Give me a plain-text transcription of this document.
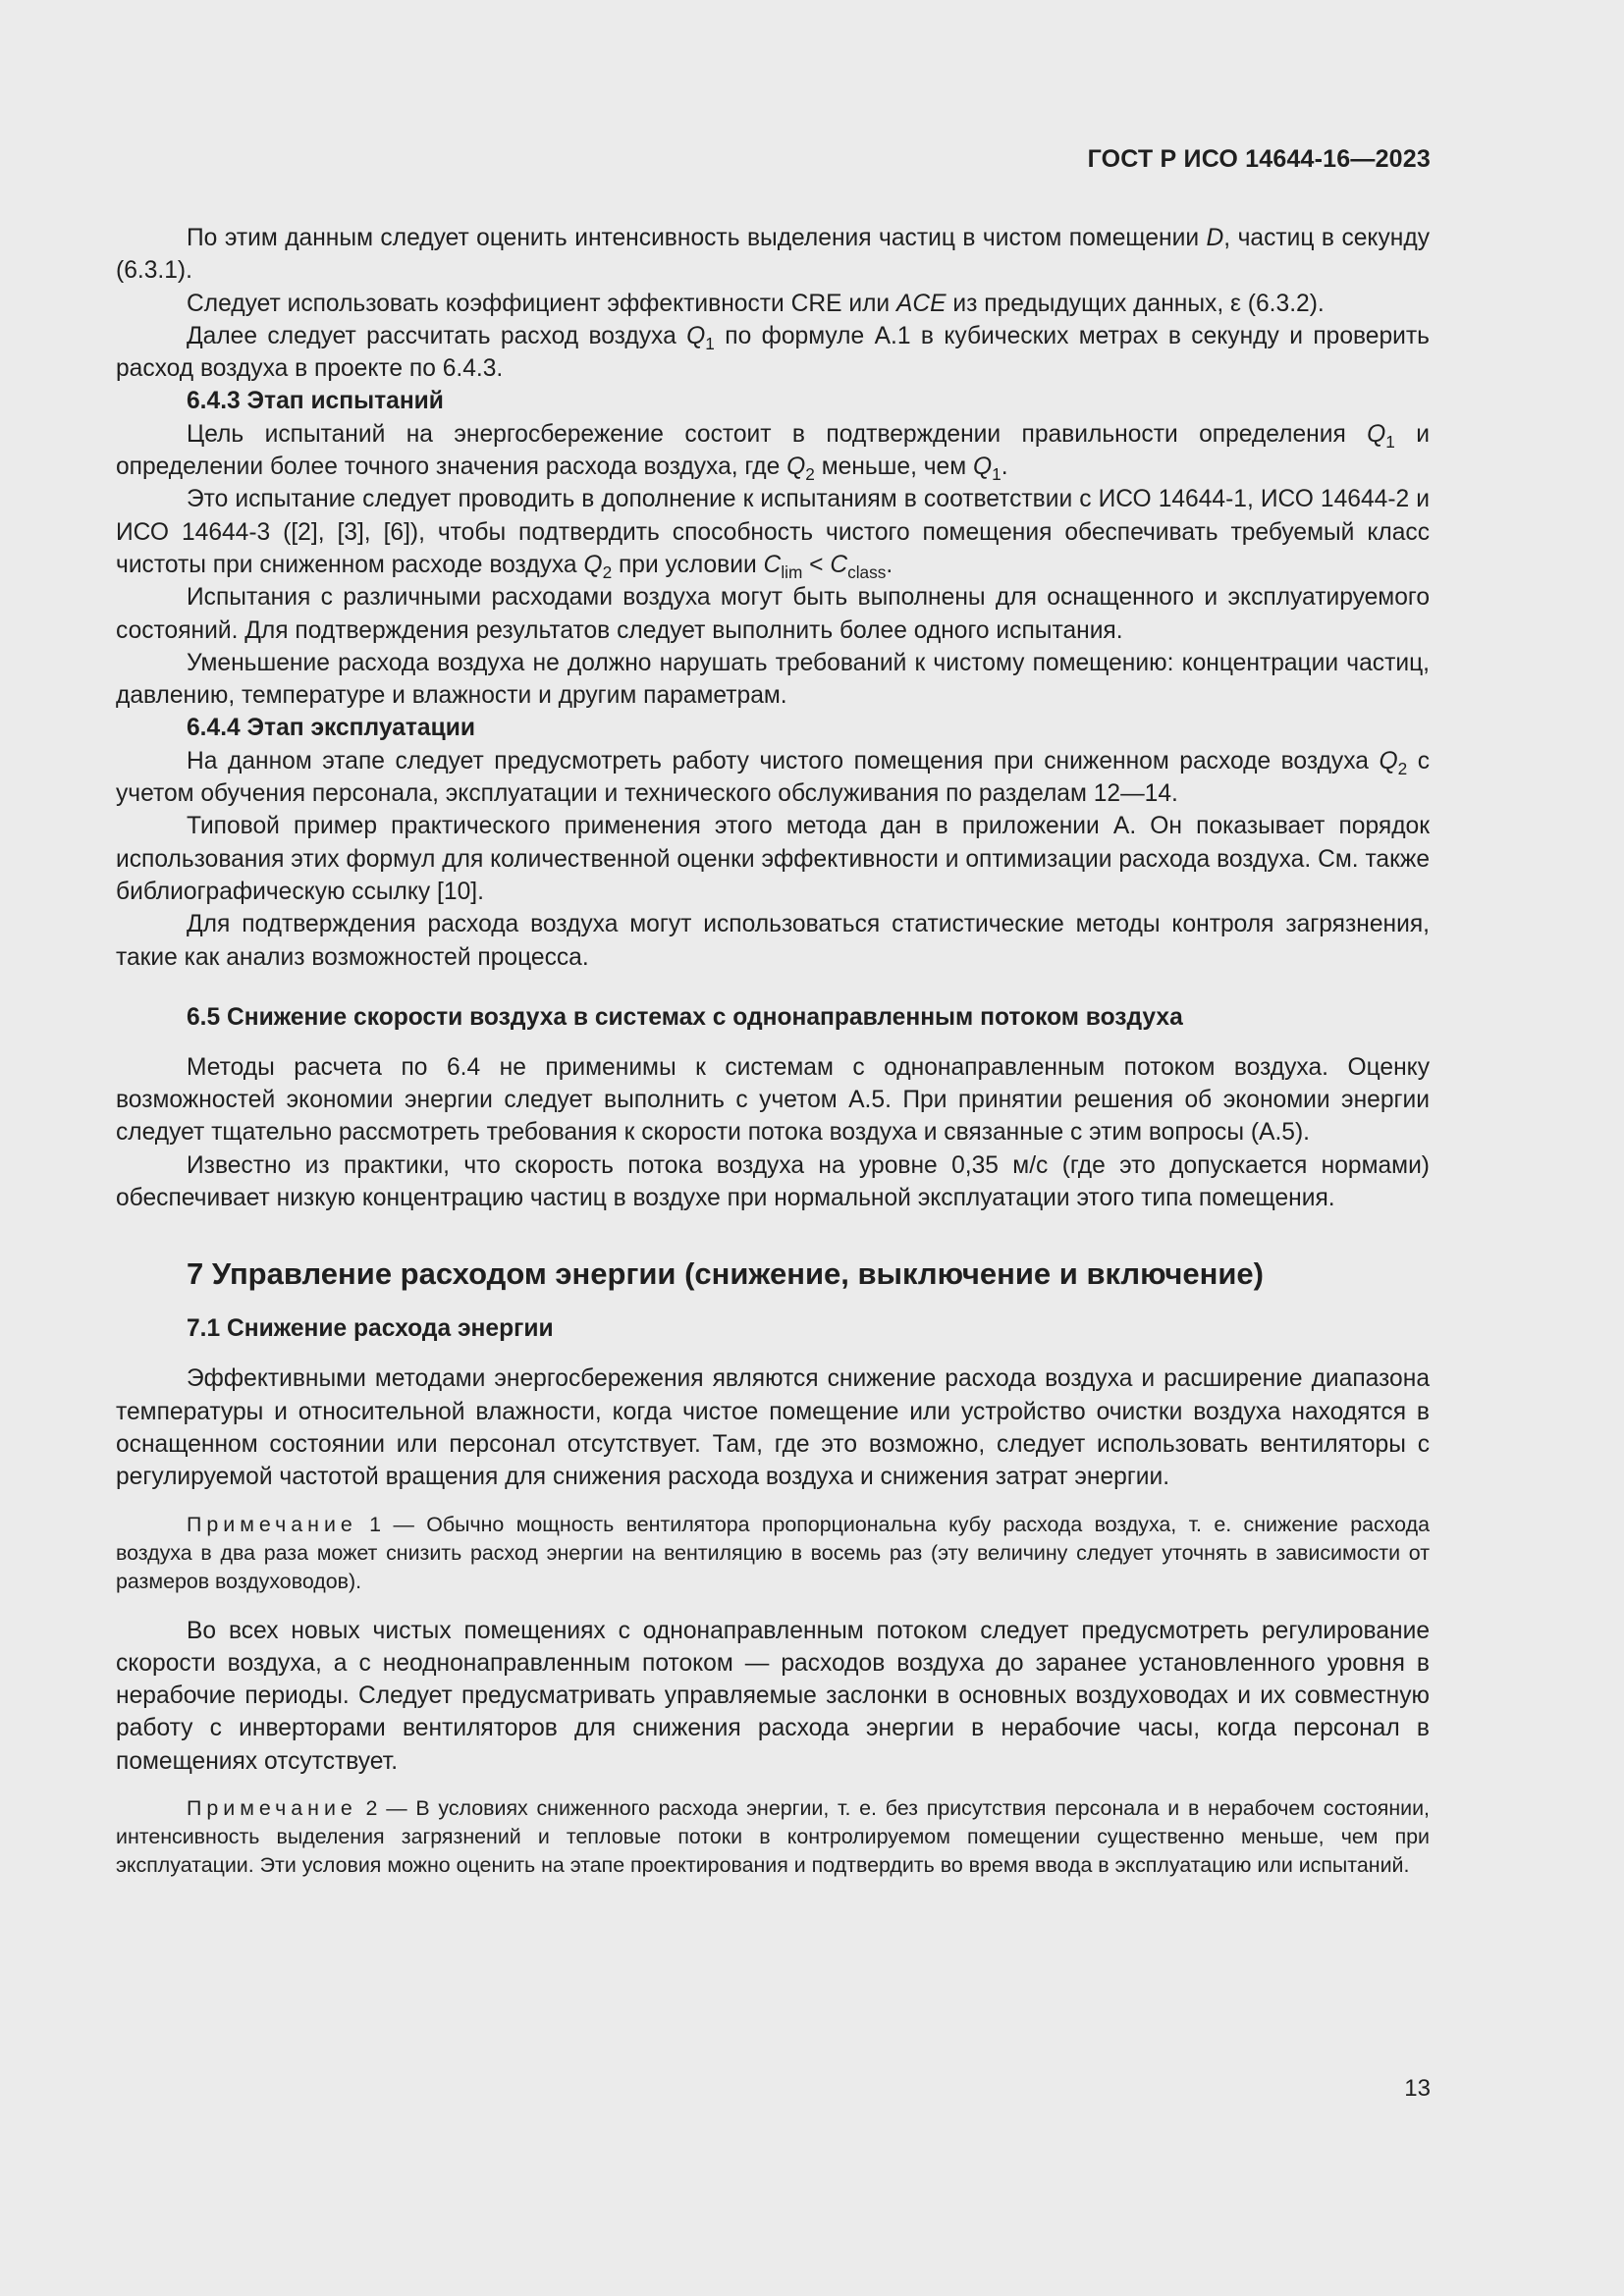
ГОСТ Р ИСО 14644-16—2023

По этим данным следует оценить интенсивность выделения частиц в чистом помещении D, частиц в секунду (6.3.1).

Следует использовать коэффициент эффективности CRE или ACE из предыдущих данных, ε (6.3.2).

Далее следует рассчитать расход воздуха $Q_1$ по формуле А.1 в кубических метрах в секунду и проверить расход воздуха в проекте по 6.4.3.

6.4.3 Этап испытаний

Цель испытаний на энергосбережение состоит в подтверждении правильности определения $Q_1$ и определении более точного значения расхода воздуха, где $Q_2$ меньше, чем $Q_1$.

Это испытание следует проводить в дополнение к испытаниям в соответствии с ИСО 14644-1, ИСО 14644-2 и ИСО 14644-3 ([2], [3], [6]), чтобы подтвердить способность чистого помещения обеспечивать требуемый класс чистоты при сниженном расходе воздуха $Q_2$ при условии $C_{lim} < C_{class}$.

Испытания с различными расходами воздуха могут быть выполнены для оснащенного и эксплуатируемого состояний. Для подтверждения результатов следует выполнить более одного испытания.

Уменьшение расхода воздуха не должно нарушать требований к чистому помещению: концентрации частиц, давлению, температуре и влажности и другим параметрам.

6.4.4 Этап эксплуатации

На данном этапе следует предусмотреть работу чистого помещения при сниженном расходе воздуха $Q_2$ с учетом обучения персонала, эксплуатации и технического обслуживания по разделам 12—14.

Типовой пример практического применения этого метода дан в приложении А. Он показывает порядок использования этих формул для количественной оценки эффективности и оптимизации расхода воздуха. См. также библиографическую ссылку [10].

Для подтверждения расхода воздуха могут использоваться статистические методы контроля загрязнения, такие как анализ возможностей процесса.

6.5 Снижение скорости воздуха в системах с однонаправленным потоком воздуха

Методы расчета по 6.4 не применимы к системам с однонаправленным потоком воздуха. Оценку возможностей экономии энергии следует выполнить с учетом А.5. При принятии решения об экономии энергии следует тщательно рассмотреть требования к скорости потока воздуха и связанные с этим вопросы (А.5).

Известно из практики, что скорость потока воздуха на уровне 0,35 м/с (где это допускается нормами) обеспечивает низкую концентрацию частиц в воздухе при нормальной эксплуатации этого типа помещения.

7 Управление расходом энергии (снижение, выключение и включение)
7.1 Снижение расхода энергии

Эффективными методами энергосбережения являются снижение расхода воздуха и расширение диапазона температуры и относительной влажности, когда чистое помещение или устройство очистки воздуха находятся в оснащенном состоянии или персонал отсутствует. Там, где это возможно, следует использовать вентиляторы с регулируемой частотой вращения для снижения расхода воздуха и снижения затрат энергии.

Примечание 1 — Обычно мощность вентилятора пропорциональна кубу расхода воздуха, т. е. снижение расхода воздуха в два раза может снизить расход энергии на вентиляцию в восемь раз (эту величину следует уточнять в зависимости от размеров воздуховодов).

Во всех новых чистых помещениях с однонаправленным потоком следует предусмотреть регулирование скорости воздуха, а с неоднонаправленным потоком — расходов воздуха до заранее установленного уровня в нерабочие периоды. Следует предусматривать управляемые заслонки в основных воздуховодах и их совместную работу с инверторами вентиляторов для снижения расхода энергии в нерабочие часы, когда персонал в помещениях отсутствует.

Примечание 2 — В условиях сниженного расхода энергии, т. е. без присутствия персонала и в нерабочем состоянии, интенсивность выделения загрязнений и тепловые потоки в контролируемом помещении существенно меньше, чем при эксплуатации. Эти условия можно оценить на этапе проектирования и подтвердить во время ввода в эксплуатацию или испытаний.

13
